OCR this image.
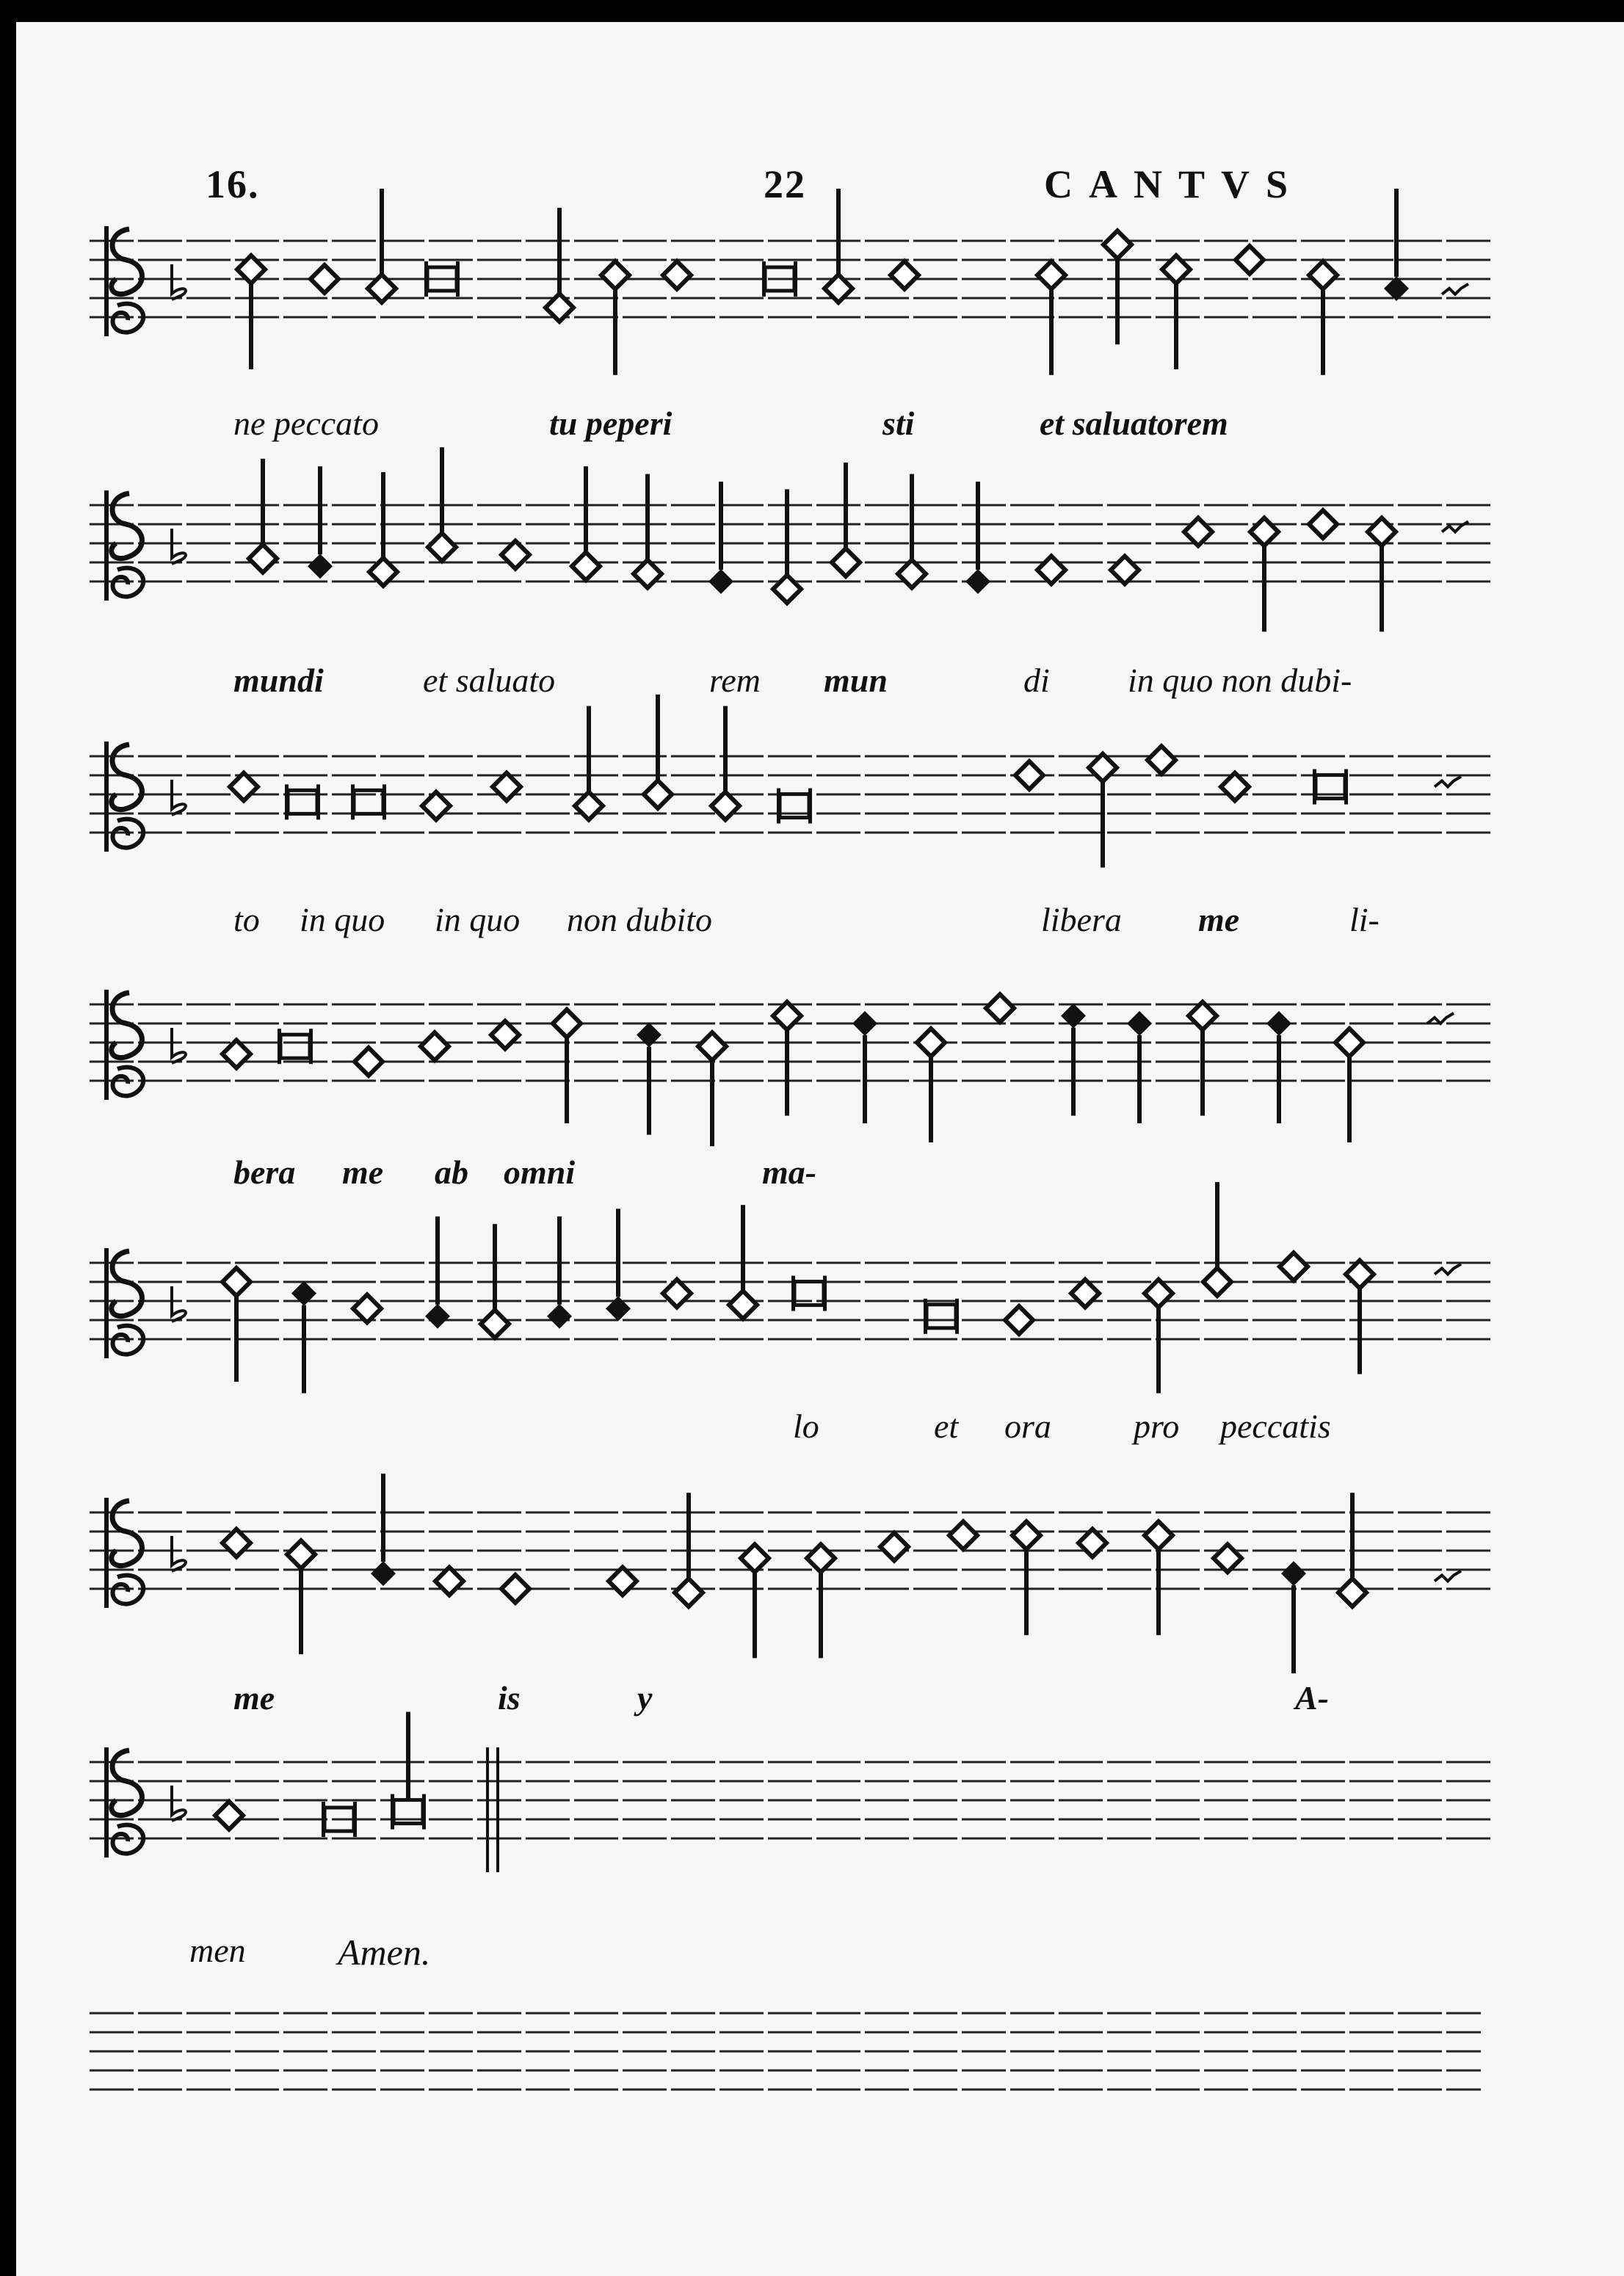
16.	22	CANTVS
ne peccato	tu peperi	sti	et saluatorem
mundi	et saluato	rem mun	di in quo non dubi-
to in quo in quo non dubito	libera me	li-
bera me ab omni	ma-
lo	et ora pro peccatis
me	is	y	A-
men	Amen.
